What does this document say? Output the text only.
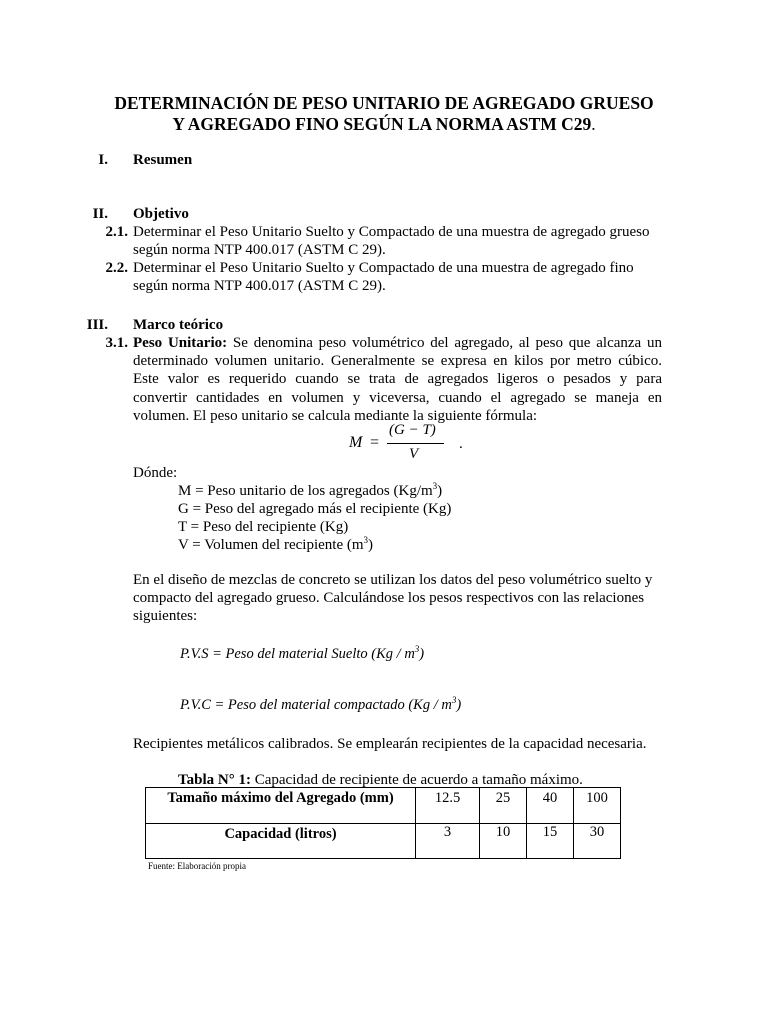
DETERMINACIÓN DE PESO UNITARIO DE AGREGADO GRUESO
Y AGREGADO FINO SEGÚN LA NORMA ASTM C29.
I. Resumen
II. Objetivo
2.1. Determinar el Peso Unitario Suelto y Compactado de una muestra de agregado grueso
según norma NTP 400.017 (ASTM C 29).
2.2. Determinar el Peso Unitario Suelto y Compactado de una muestra de agregado fino
según norma NTP 400.017 (ASTM C 29).
III. Marco teórico
3.1. Peso Unitario: Se denomina peso volumétrico del agregado, al peso que alcanza un
determinado volumen unitario. Generalmente se expresa en kilos por metro cúbico.
Este valor es requerido cuando se trata de agregados ligeros o pesados y para
convertir cantidades en volumen y viceversa, cuando el agregado se maneja en
volumen. El peso unitario se calcula mediante la siguiente fórmula:
M =
(G − T)
V
.
Dónde:
M = Peso unitario de los agregados $(Kg/m^3)$
G = Peso del agregado más el recipiente (Kg)
T = Peso del recipiente (Kg)
V = Volumen del recipiente $(m^3)$
En el diseño de mezclas de concreto se utilizan los datos del peso volumétrico suelto y
compacto del agregado grueso. Calculándose los pesos respectivos con las relaciones
siguientes:
P.V.S = Peso del material Suelto $(Kg / m^3)$
P.V.C = Peso del material compactado $(Kg / m^3)$
Recipientes metálicos calibrados. Se emplearán recipientes de la capacidad necesaria.
Tabla N° 1: Capacidad de recipiente de acuerdo a tamaño máximo.
Tamaño máximo del Agregado (mm)	12.5	25	40	100
Capacidad (litros)	3	10	15	30
Fuente: Elaboración propia
